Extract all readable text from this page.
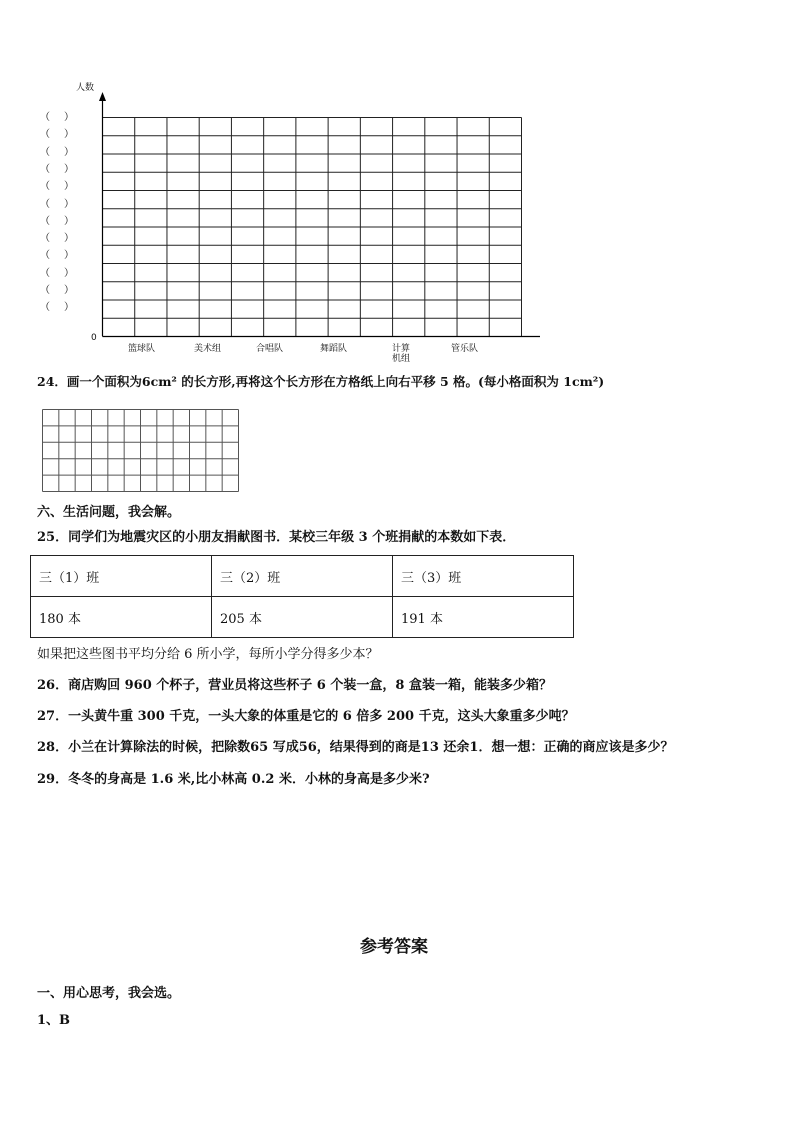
人数
0
（　）
（　）
（　）
（　）
（　）
（　）
（　）
（　）
（　）
（　）
（　）
（　）
篮球队	美术组	合唱队	舞蹈队	计算
机组
管乐队
24．画一个面积为6cm² 的长方形,再将这个长方形在方格纸上向右平移 5 格。(每小格面积为 1cm²)
六、生活问题，我会解。
25．同学们为地震灾区的小朋友捐献图书．某校三年级 3 个班捐献的本数如下表．
三（1）班	三（2）班	三（3）班
180 本	205 本	191 本
如果把这些图书平均分给 6 所小学，每所小学分得多少本？
26．商店购回 960 个杯子，营业员将这些杯子 6 个装一盒，8 盒装一箱，能装多少箱？
27．一头黄牛重 300 千克，一头大象的体重是它的 6 倍多 200 千克，这头大象重多少吨？
28．小兰在计算除法的时候，把除数65 写成56，结果得到的商是13 还余1．想一想：正确的商应该是多少？
29．冬冬的身高是 1.6 米,比小林高 0.2 米．小林的身高是多少米?
参考答案
一、用心思考，我会选。
1、B
